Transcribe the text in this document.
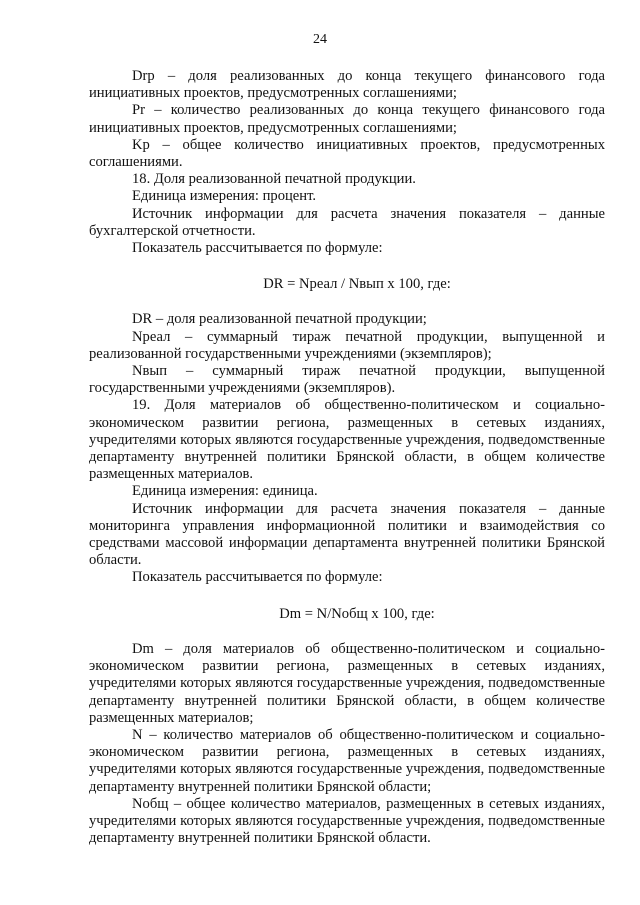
24

Drp – доля реализованных до конца текущего финансового года инициативных проектов, предусмотренных соглашениями;

Pr – количество реализованных до конца текущего финансового года инициативных проектов, предусмотренных соглашениями;

Kp – общее количество инициативных проектов, предусмотренных соглашениями.

18. Доля реализованной печатной продукции.

Единица измерения: процент.

Источник информации для расчета значения показателя – данные бухгалтерской отчетности.

Показатель рассчитывается по формуле:

DR = Nреал / Nвып x 100, где:

DR – доля реализованной печатной продукции;

Nреал – суммарный тираж печатной продукции, выпущенной и реализованной государственными учреждениями (экземпляров);

Nвып – суммарный тираж печатной продукции, выпущенной государственными учреждениями (экземпляров).

19. Доля материалов об общественно-политическом и социально-экономическом развитии региона, размещенных в сетевых изданиях, учредителями которых являются государственные учреждения, подведомственные департаменту внутренней политики Брянской области, в общем количестве размещенных материалов.

Единица измерения: единица.

Источник информации для расчета значения показателя – данные мониторинга управления информационной политики и взаимодействия со средствами массовой информации департамента внутренней политики Брянской области.

Показатель рассчитывается по формуле:

Dm = N/Nобщ x 100, где:

Dm – доля материалов об общественно-политическом и социально-экономическом развитии региона, размещенных в сетевых изданиях, учредителями которых являются государственные учреждения, подведомственные департаменту внутренней политики Брянской области, в общем количестве размещенных материалов;

N – количество материалов об общественно-политическом и социально-экономическом развитии региона, размещенных в сетевых изданиях, учредителями которых являются государственные учреждения, подведомственные департаменту внутренней политики Брянской области;

Nобщ – общее количество материалов, размещенных в сетевых изданиях, учредителями которых являются государственные учреждения, подведомственные департаменту внутренней политики Брянской области.
